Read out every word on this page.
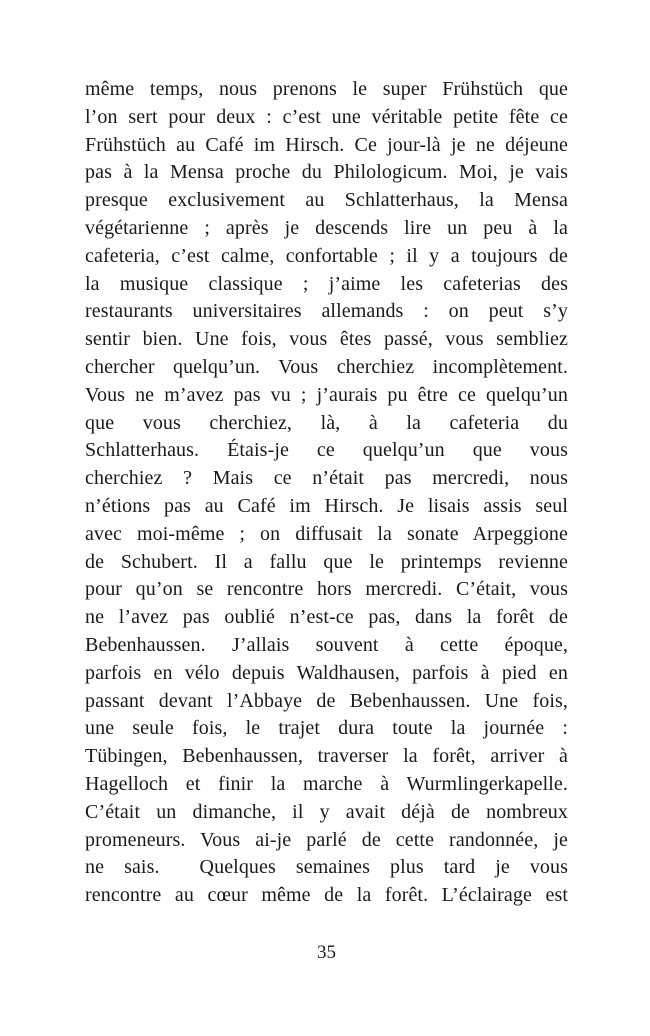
même temps, nous prenons le super Frühstüch que
l’on sert pour deux : c’est une véritable petite fête ce
Frühstüch au Café im Hirsch. Ce jour-là je ne déjeune
pas à la Mensa proche du Philologicum. Moi, je vais
presque exclusivement au Schlatterhaus, la Mensa
végétarienne ; après je descends lire un peu à la
cafeteria, c’est calme, confortable ; il y a toujours de
la musique classique ; j’aime les cafeterias des
restaurants universitaires allemands : on peut s’y
sentir bien. Une fois, vous êtes passé, vous sembliez
chercher quelqu’un. Vous cherchiez incomplètement.
Vous ne m’avez pas vu ; j’aurais pu être ce quelqu’un
que vous cherchiez, là, à la cafeteria du
Schlatterhaus. Étais-je ce quelqu’un que vous
cherchiez ? Mais ce n’était pas mercredi, nous
n’étions pas au Café im Hirsch. Je lisais assis seul
avec moi-même ; on diffusait la sonate Arpeggione
de Schubert. Il a fallu que le printemps revienne
pour qu’on se rencontre hors mercredi. C’était, vous
ne l’avez pas oublié n’est-ce pas, dans la forêt de
Bebenhaussen. J’allais souvent à cette époque,
parfois en vélo depuis Waldhausen, parfois à pied en
passant devant l’Abbaye de Bebenhaussen. Une fois,
une seule fois, le trajet dura toute la journée :
Tübingen, Bebenhaussen, traverser la forêt, arriver à
Hagelloch et finir la marche à Wurmlingerkapelle.
C’était un dimanche, il y avait déjà de nombreux
promeneurs. Vous ai-je parlé de cette randonnée, je
ne sais.  Quelques semaines plus tard je vous
rencontre au cœur même de la forêt. L’éclairage est
35
